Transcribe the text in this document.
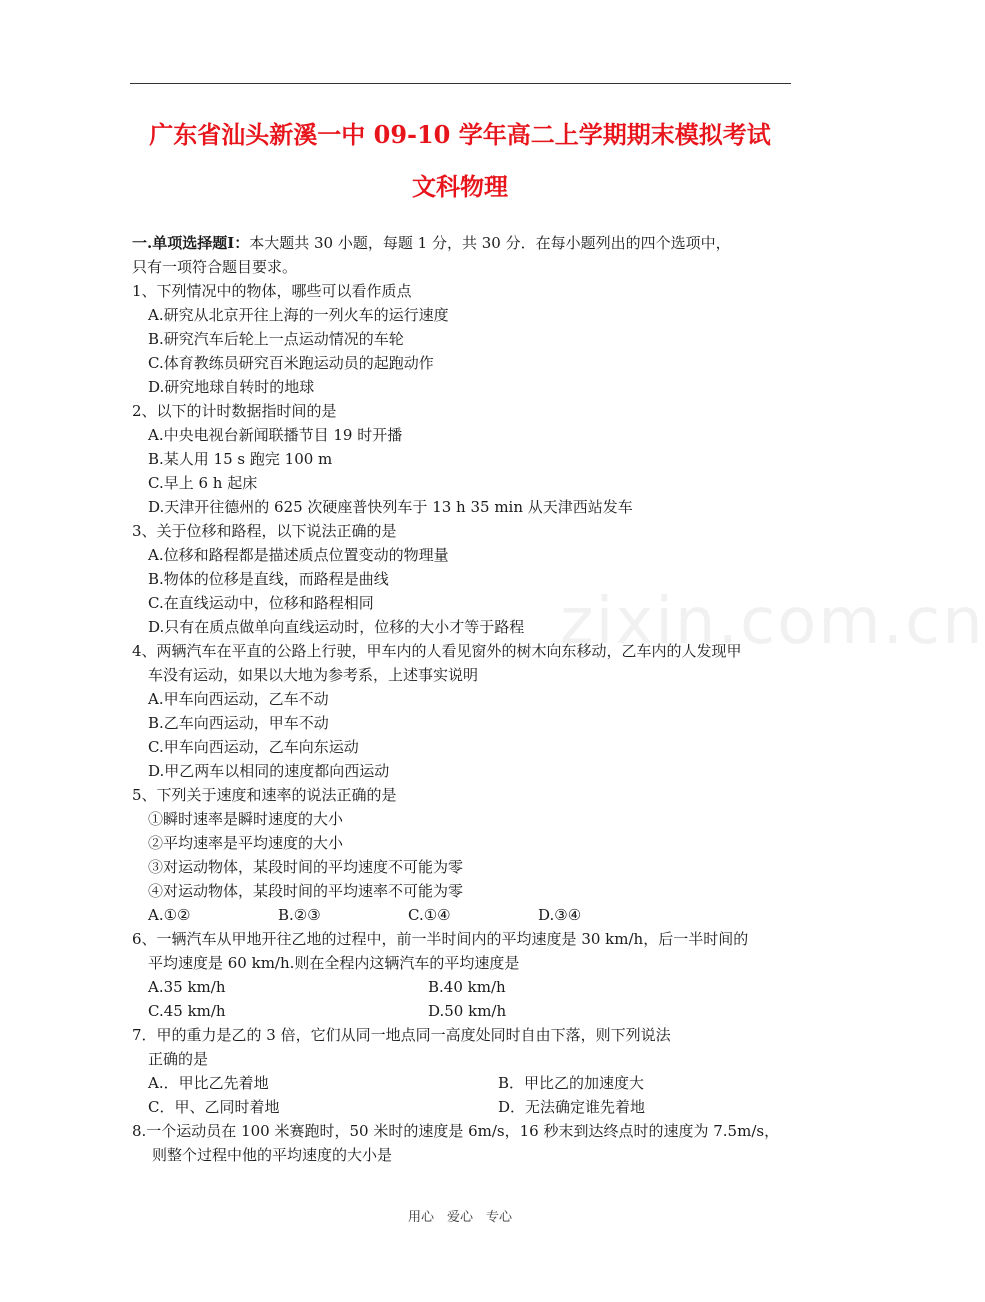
广东省汕头新溪一中 09-10 学年高二上学期期末模拟考试
文科物理
zixin.com.cn
一.单项选择题Ⅰ：本大题共 30 小题，每题 1 分，共 30 分．在每小题列出的四个选项中，
只有一项符合题目要求。
1、下列情况中的物体，哪些可以看作质点
A.研究从北京开往上海的一列火车的运行速度
B.研究汽车后轮上一点运动情况的车轮
C.体育教练员研究百米跑运动员的起跑动作
D.研究地球自转时的地球
2、以下的计时数据指时间的是
A.中央电视台新闻联播节目 19 时开播
B.某人用 15 s 跑完 100 m
C.早上 6 h 起床
D.天津开往德州的 625 次硬座普快列车于 13 h 35 min 从天津西站发车
3、关于位移和路程，以下说法正确的是
A.位移和路程都是描述质点位置变动的物理量
B.物体的位移是直线，而路程是曲线
C.在直线运动中，位移和路程相同
D.只有在质点做单向直线运动时，位移的大小才等于路程
4、两辆汽车在平直的公路上行驶，甲车内的人看见窗外的树木向东移动，乙车内的人发现甲
车没有运动，如果以大地为参考系，上述事实说明
A.甲车向西运动，乙车不动
B.乙车向西运动，甲车不动
C.甲车向西运动，乙车向东运动
D.甲乙两车以相同的速度都向西运动
5、下列关于速度和速率的说法正确的是
①瞬时速率是瞬时速度的大小
②平均速率是平均速度的大小
③对运动物体，某段时间的平均速度不可能为零
④对运动物体，某段时间的平均速率不可能为零
A.①②	B.②③	C.①④	D.③④
6、一辆汽车从甲地开往乙地的过程中，前一半时间内的平均速度是 30 km/h，后一半时间的
平均速度是 60 km/h.则在全程内这辆汽车的平均速度是
A.35 km/h	B.40 km/h
C.45 km/h	D.50 km/h
7．甲的重力是乙的 3 倍，它们从同一地点同一高度处同时自由下落，则下列说法
正确的是
A.．甲比乙先着地	B．甲比乙的加速度大
C．甲、乙同时着地	D．无法确定谁先着地
8.一个运动员在 100 米赛跑时，50 米时的速度是 6m/s，16 秒末到达终点时的速度为 7.5m/s，
则整个过程中他的平均速度的大小是
用心　爱心　专心
